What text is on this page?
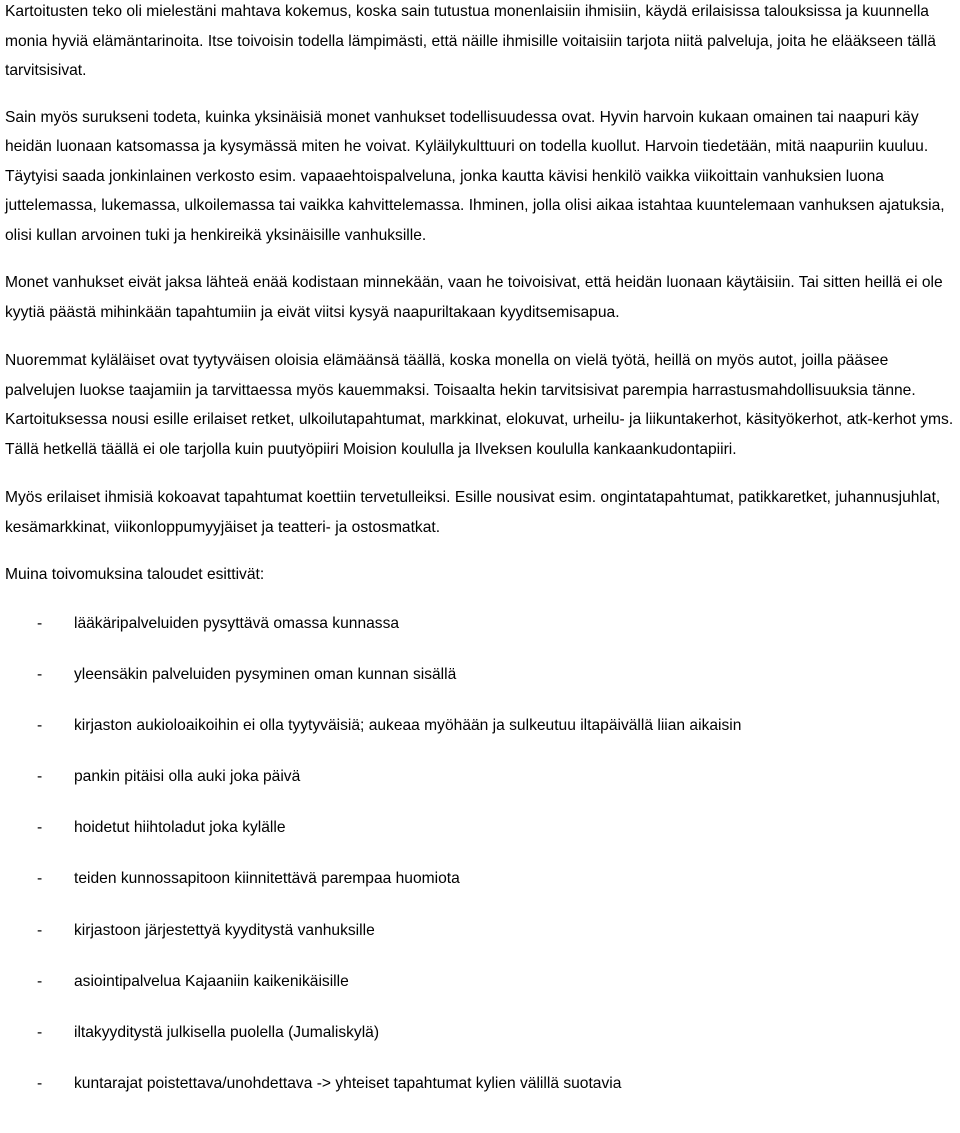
Kartoitusten teko oli mielestäni mahtava kokemus, koska sain tutustua monenlaisiin ihmisiin, käydä erilaisissa talouksissa ja kuunnella monia hyviä elämäntarinoita. Itse toivoisin todella lämpimästi, että näille ihmisille voitaisiin tarjota niitä palveluja, joita he elääkseen tällä tarvitsisivat.

Sain myös surukseni todeta, kuinka yksinäisiä monet vanhukset todellisuudessa ovat. Hyvin harvoin kukaan omainen tai naapuri käy heidän luonaan katsomassa ja kysymässä miten he voivat. Kyläilykulttuuri on todella kuollut. Harvoin tiedetään, mitä naapuriin kuuluu.Täytyisi saada jonkinlainen verkosto esim. vapaaehtoispalveluna, jonka kautta kävisi henkilö vaikka viikoittain vanhuksien luona juttelemassa, lukemassa, ulkoilemassa tai vaikka kahvittelemassa. Ihminen, jolla olisi aikaa istahtaa kuuntelemaan vanhuksen ajatuksia, olisi kullan arvoinen tuki ja henkireikä yksinäisille vanhuksille.

Monet vanhukset eivät jaksa lähteä enää kodistaan minnekään, vaan he toivoisivat, että heidän luonaan käytäisiin. Tai sitten heillä ei ole kyytiä päästä mihinkään tapahtumiin ja eivät viitsi kysyä naapuriltakaan kyyditsemisapua.

Nuoremmat kyläläiset ovat tyytyväisen oloisia elämäänsä täällä, koska monella on vielä työtä, heillä on myös autot, joilla pääsee palvelujen luokse taajamiin ja tarvittaessa myös kauemmaksi. Toisaalta hekin tarvitsisivat parempia harrastusmahdollisuuksia tänne.Kartoituksessa nousi esille erilaiset retket, ulkoilutapahtumat, markkinat, elokuvat, urheilu- ja liikuntakerhot, käsityökerhot, atk-kerhot yms.Tällä hetkellä täällä ei ole tarjolla kuin puutyöpiiri Moision koululla ja Ilveksen koululla kankaankudontapiiri.

Myös erilaiset ihmisiä kokoavat tapahtumat koettiin tervetulleiksi.Esille nousivat esim. ongintatapahtumat, patikkaretket, juhannusjuhlat, kesämarkkinat, viikonloppumyyjäiset ja teatteri- ja ostosmatkat.

Muina toivomuksina taloudet esittivät:

- lääkäripalveluiden pysyttävä omassa kunnassa
- yleensäkin palveluiden pysyminen oman kunnan sisällä
- kirjaston aukioloaikoihin ei olla tyytyväisiä; aukeaa myöhään ja sulkeutuu iltapäivällä liian aikaisin
- pankin pitäisi olla auki joka päivä
- hoidetut hiihtoladut joka kylälle
- teiden kunnossapitoon kiinnitettävä parempaa huomiota
- kirjastoon järjestettyä kyyditystä vanhuksille
- asiointipalvelua Kajaaniin kaikenikäisille
- iltakyyditystä julkisella puolella (Jumaliskylä)
- kuntarajat poistettava/unohdettava -> yhteiset tapahtumat kylien välillä suotavia
